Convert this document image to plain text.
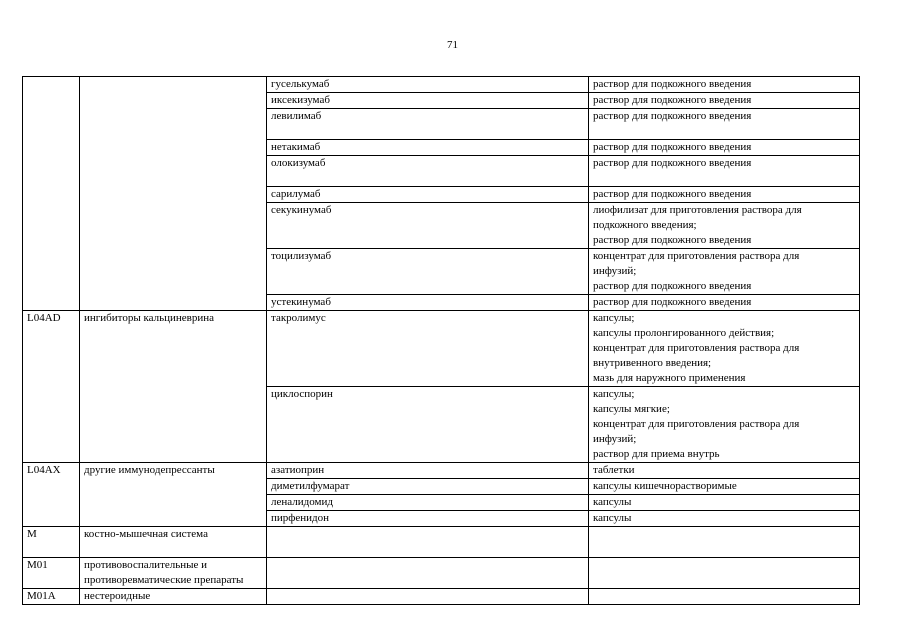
71
		гуселькумаб	раствор для подкожного введения

		иксекизумаб	раствор для подкожного введения

		левилимаб	раствор для подкожного введения

		нетакимаб	раствор для подкожного введения

		олокизумаб	раствор для подкожного введения

		сарилумаб	раствор для подкожного введения

		секукинумаб	лиофилизат для приготовления раствора для
подкожного введения;
раствор для подкожного введения

		тоцилизумаб	концентрат для приготовления раствора для
инфузий;
раствор для подкожного введения

		устекинумаб	раствор для подкожного введения

L04AD	ингибиторы кальциневрина	такролимус	капсулы;
капсулы пролонгированного действия;
концентрат для приготовления раствора для
внутривенного введения;
мазь для наружного применения

		циклоспорин	капсулы;
капсулы мягкие;
концентрат для приготовления раствора для
инфузий;
раствор для приема внутрь

L04AX	другие иммунодепрессанты	азатиоприн	таблетки

		диметилфумарат	капсулы кишечнорастворимые

		леналидомид	капсулы

		пирфенидон	капсулы

M	костно-мышечная система		
M01	противовоспалительные и противоревматические препараты		
M01A	нестероидные		
